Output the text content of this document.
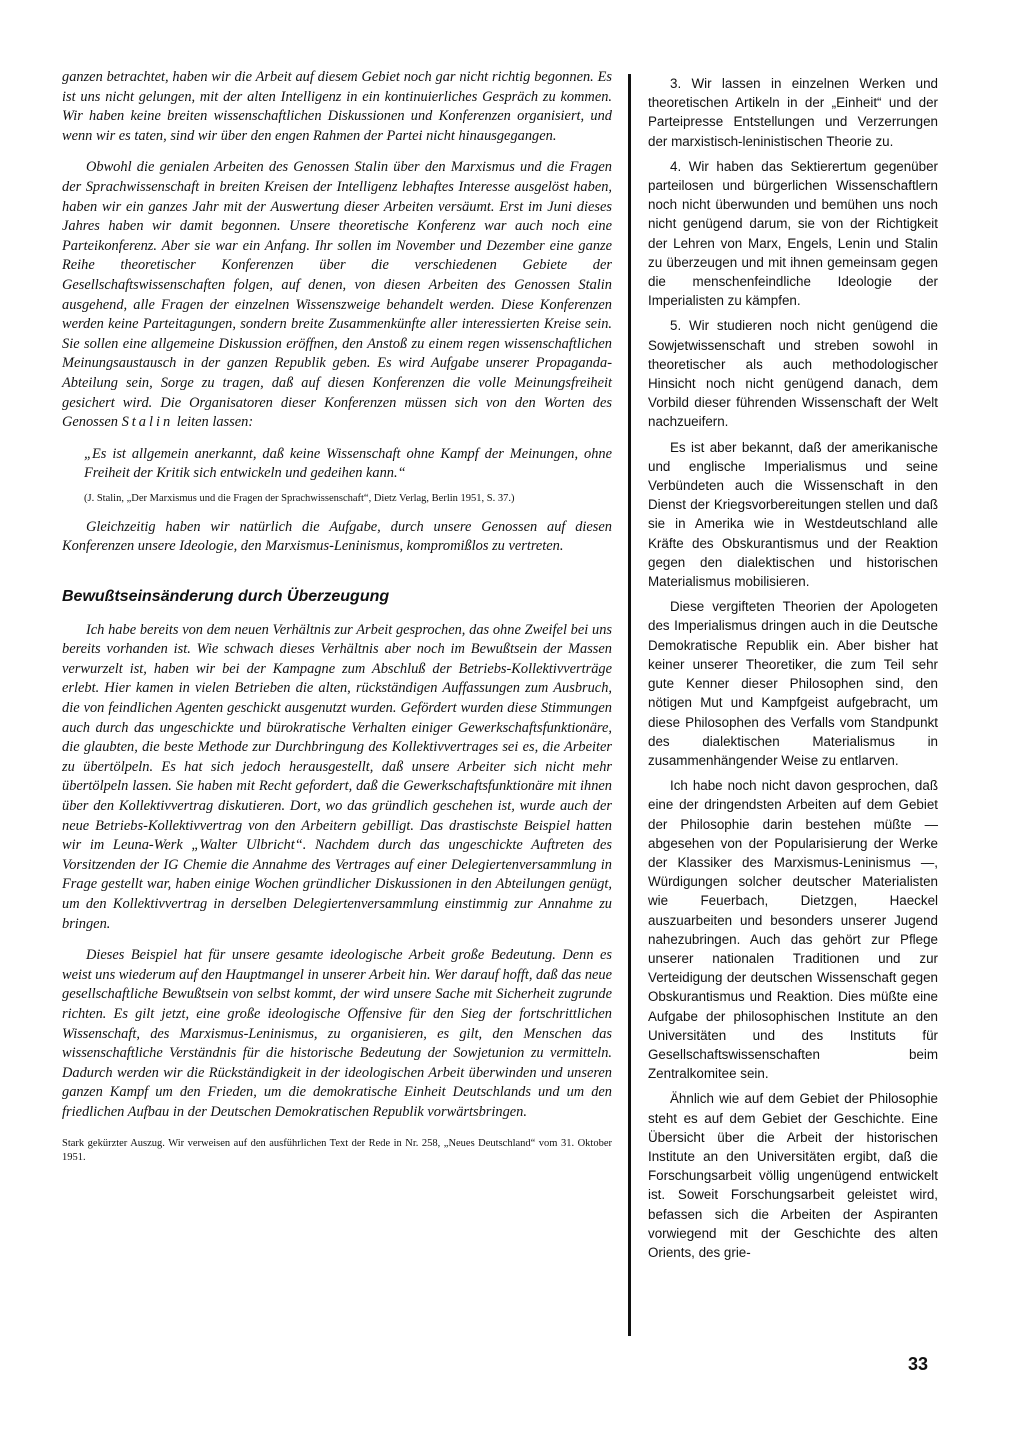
ganzen betrachtet, haben wir die Arbeit auf diesem Gebiet noch gar nicht richtig begonnen. Es ist uns nicht gelungen, mit der alten Intelligenz in ein kontinuierliches Gespräch zu kommen. Wir haben keine breiten wissenschaftlichen Diskussionen und Konferenzen organisiert, und wenn wir es taten, sind wir über den engen Rahmen der Partei nicht hinausgegangen.

Obwohl die genialen Arbeiten des Genossen Stalin über den Marxismus und die Fragen der Sprachwissenschaft in breiten Kreisen der Intelligenz lebhaftes Interesse ausgelöst haben, haben wir ein ganzes Jahr mit der Auswertung dieser Arbeiten versäumt. Erst im Juni dieses Jahres haben wir damit begonnen. Unsere theoretische Konferenz war auch noch eine Parteikonferenz. Aber sie war ein Anfang. Ihr sollen im November und Dezember eine ganze Reihe theoretischer Konferenzen über die verschiedenen Gebiete der Gesellschaftswissenschaften folgen, auf denen, von diesen Arbeiten des Genossen Stalin ausgehend, alle Fragen der einzelnen Wissenszweige behandelt werden. Diese Konferenzen werden keine Parteitagungen, sondern breite Zusammenkünfte aller interessierten Kreise sein. Sie sollen eine allgemeine Diskussion eröffnen, den Anstoß zu einem regen wissenschaftlichen Meinungsaustausch in der ganzen Republik geben. Es wird Aufgabe unserer Propaganda-Abteilung sein, Sorge zu tragen, daß auf diesen Konferenzen die volle Meinungsfreiheit gesichert wird. Die Organisatoren dieser Konferenzen müssen sich von den Worten des Genossen Stalin leiten lassen:

„Es ist allgemein anerkannt, daß keine Wissenschaft ohne Kampf der Meinungen, ohne Freiheit der Kritik sich entwickeln und gedeihen kann.“

(J. Stalin, „Der Marxismus und die Fragen der Sprachwissenschaft“, Dietz Verlag, Berlin 1951, S. 37.)

Gleichzeitig haben wir natürlich die Aufgabe, durch unsere Genossen auf diesen Konferenzen unsere Ideologie, den Marxismus-Leninismus, kompromißlos zu vertreten.

Bewußtseinsänderung durch Überzeugung

Ich habe bereits von dem neuen Verhältnis zur Arbeit gesprochen, das ohne Zweifel bei uns bereits vorhanden ist. Wie schwach dieses Verhältnis aber noch im Bewußtsein der Massen verwurzelt ist, haben wir bei der Kampagne zum Abschluß der Betriebs-Kollektivverträge erlebt. Hier kamen in vielen Betrieben die alten, rückständigen Auffassungen zum Ausbruch, die von feindlichen Agenten geschickt ausgenutzt wurden. Gefördert wurden diese Stimmungen auch durch das ungeschickte und bürokratische Verhalten einiger Gewerkschaftsfunktionäre, die glaubten, die beste Methode zur Durchbringung des Kollektivvertrages sei es, die Arbeiter zu übertölpeln. Es hat sich jedoch herausgestellt, daß unsere Arbeiter sich nicht mehr übertölpeln lassen. Sie haben mit Recht gefordert, daß die Gewerkschaftsfunktionäre mit ihnen über den Kollektivvertrag diskutieren. Dort, wo das gründlich geschehen ist, wurde auch der neue Betriebs-Kollektivvertrag von den Arbeitern gebilligt. Das drastischste Beispiel hatten wir im Leuna-Werk „Walter Ulbricht“. Nachdem durch das ungeschickte Auftreten des Vorsitzenden der IG Chemie die Annahme des Vertrages auf einer Delegiertenversammlung in Frage gestellt war, haben einige Wochen gründlicher Diskussionen in den Abteilungen genügt, um den Kollektivvertrag in derselben Delegiertenversammlung einstimmig zur Annahme zu bringen.

Dieses Beispiel hat für unsere gesamte ideologische Arbeit große Bedeutung. Denn es weist uns wiederum auf den Hauptmangel in unserer Arbeit hin. Wer darauf hofft, daß das neue gesellschaftliche Bewußtsein von selbst kommt, der wird unsere Sache mit Sicherheit zugrunde richten. Es gilt jetzt, eine große ideologische Offensive für den Sieg der fortschrittlichen Wissenschaft, des Marxismus-Leninismus, zu organisieren, es gilt, den Menschen das wissenschaftliche Verständnis für die historische Bedeutung der Sowjetunion zu vermitteln. Dadurch werden wir die Rückständigkeit in der ideologischen Arbeit überwinden und unseren ganzen Kampf um den Frieden, um die demokratische Einheit Deutschlands und um den friedlichen Aufbau in der Deutschen Demokratischen Republik vorwärtsbringen.

Stark gekürzter Auszug. Wir verweisen auf den ausführlichen Text der Rede in Nr. 258, „Neues Deutschland“ vom 31. Oktober 1951.

3. Wir lassen in einzelnen Werken und theoretischen Artikeln in der „Einheit“ und der Parteipresse Entstellungen und Verzerrungen der marxistisch-leninistischen Theorie zu.

4. Wir haben das Sektierertum gegenüber parteilosen und bürgerlichen Wissenschaftlern noch nicht überwunden und bemühen uns noch nicht genügend darum, sie von der Richtigkeit der Lehren von Marx, Engels, Lenin und Stalin zu überzeugen und mit ihnen gemeinsam gegen die menschenfeindliche Ideologie der Imperialisten zu kämpfen.

5. Wir studieren noch nicht genügend die Sowjetwissenschaft und streben sowohl in theoretischer als auch methodologischer Hinsicht noch nicht genügend danach, dem Vorbild dieser führenden Wissenschaft der Welt nachzueifern.

Es ist aber bekannt, daß der amerikanische und englische Imperialismus und seine Verbündeten auch die Wissenschaft in den Dienst der Kriegsvorbereitungen stellen und daß sie in Amerika wie in Westdeutschland alle Kräfte des Obskurantismus und der Reaktion gegen den dialektischen und historischen Materialismus mobilisieren.

Diese vergifteten Theorien der Apologeten des Imperialismus dringen auch in die Deutsche Demokratische Republik ein. Aber bisher hat keiner unserer Theoretiker, die zum Teil sehr gute Kenner dieser Philosophen sind, den nötigen Mut und Kampfgeist aufgebracht, um diese Philosophen des Verfalls vom Standpunkt des dialektischen Materialismus in zusammenhängender Weise zu entlarven.

Ich habe noch nicht davon gesprochen, daß eine der dringendsten Arbeiten auf dem Gebiet der Philosophie darin bestehen müßte — abgesehen von der Popularisierung der Werke der Klassiker des Marxismus-Leninismus —, Würdigungen solcher deutscher Materialisten wie Feuerbach, Dietzgen, Haeckel auszuarbeiten und besonders unserer Jugend nahezubringen. Auch das gehört zur Pflege unserer nationalen Traditionen und zur Verteidigung der deutschen Wissenschaft gegen Obskurantismus und Reaktion. Dies müßte eine Aufgabe der philosophischen Institute an den Universitäten und des Instituts für Gesellschaftswissenschaften beim Zentralkomitee sein.

Ähnlich wie auf dem Gebiet der Philosophie steht es auf dem Gebiet der Geschichte. Eine Übersicht über die Arbeit der historischen Institute an den Universitäten ergibt, daß die Forschungsarbeit völlig ungenügend entwickelt ist. Soweit Forschungsarbeit geleistet wird, befassen sich die Arbeiten der Aspiranten vorwiegend mit der Geschichte des alten Orients, des grie-

33
